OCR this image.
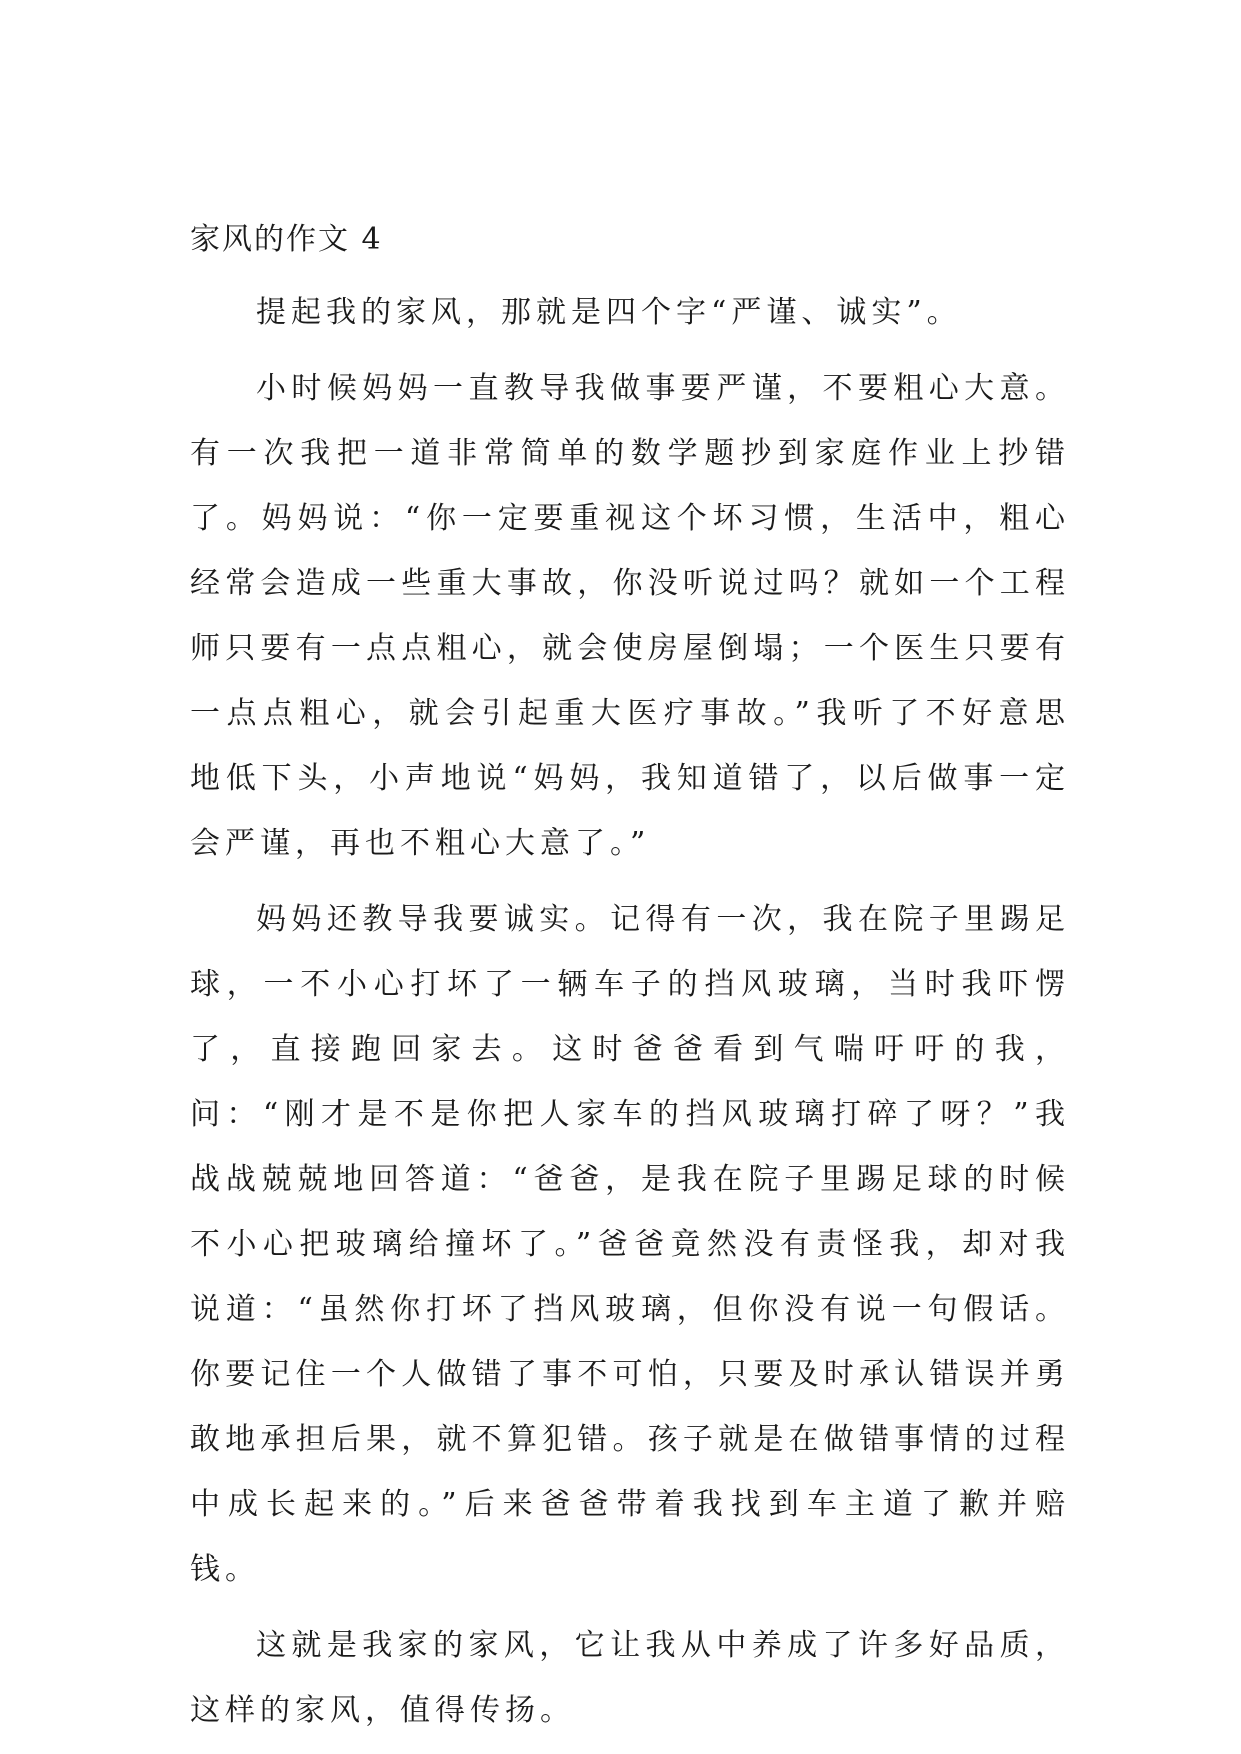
家风的作文 4

提起我的家风，那就是四个字“严谨、诚实”。

小时候妈妈一直教导我做事要严谨，不要粗心大意。有一次我把一道非常简单的数学题抄到家庭作业上抄错了。妈妈说：“你一定要重视这个坏习惯，生活中，粗心经常会造成一些重大事故，你没听说过吗？就如一个工程师只要有一点点粗心，就会使房屋倒塌；一个医生只要有一点点粗心，就会引起重大医疗事故。”我听了不好意思地低下头，小声地说“妈妈，我知道错了，以后做事一定会严谨，再也不粗心大意了。”

妈妈还教导我要诚实。记得有一次，我在院子里踢足球，一不小心打坏了一辆车子的挡风玻璃，当时我吓愣了，直接跑回家去。这时爸爸看到气喘吁吁的我，问：“刚才是不是你把人家车的挡风玻璃打碎了呀？”我战战兢兢地回答道：“爸爸，是我在院子里踢足球的时候不小心把玻璃给撞坏了。”爸爸竟然没有责怪我，却对我说道：“虽然你打坏了挡风玻璃，但你没有说一句假话。你要记住一个人做错了事不可怕，只要及时承认错误并勇敢地承担后果，就不算犯错。孩子就是在做错事情的过程中成长起来的。”后来爸爸带着我找到车主道了歉并赔钱。

这就是我家的家风，它让我从中养成了许多好品质，这样的家风，值得传扬。
